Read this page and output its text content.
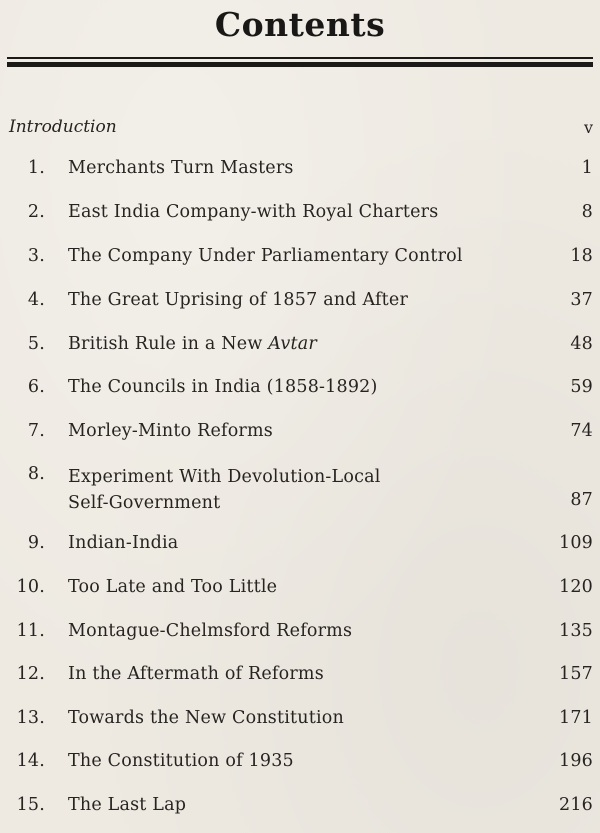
Contents
Introduction	v
1. Merchants Turn Masters	1
2. East India Company-with Royal Charters	8
3. The Company Under Parliamentary Control	18
4. The Great Uprising of 1857 and After	37
5. British Rule in a New Avtar	48
6. The Councils in India (1858-1892)	59
7. Morley-Minto Reforms	74
8. Experiment With Devolution-Local
Self-Government	87
9. Indian-India	109
10. Too Late and Too Little	120
11. Montague-Chelmsford Reforms	135
12. In the Aftermath of Reforms	157
13. Towards the New Constitution	171
14. The Constitution of 1935	196
15. The Last Lap	216
